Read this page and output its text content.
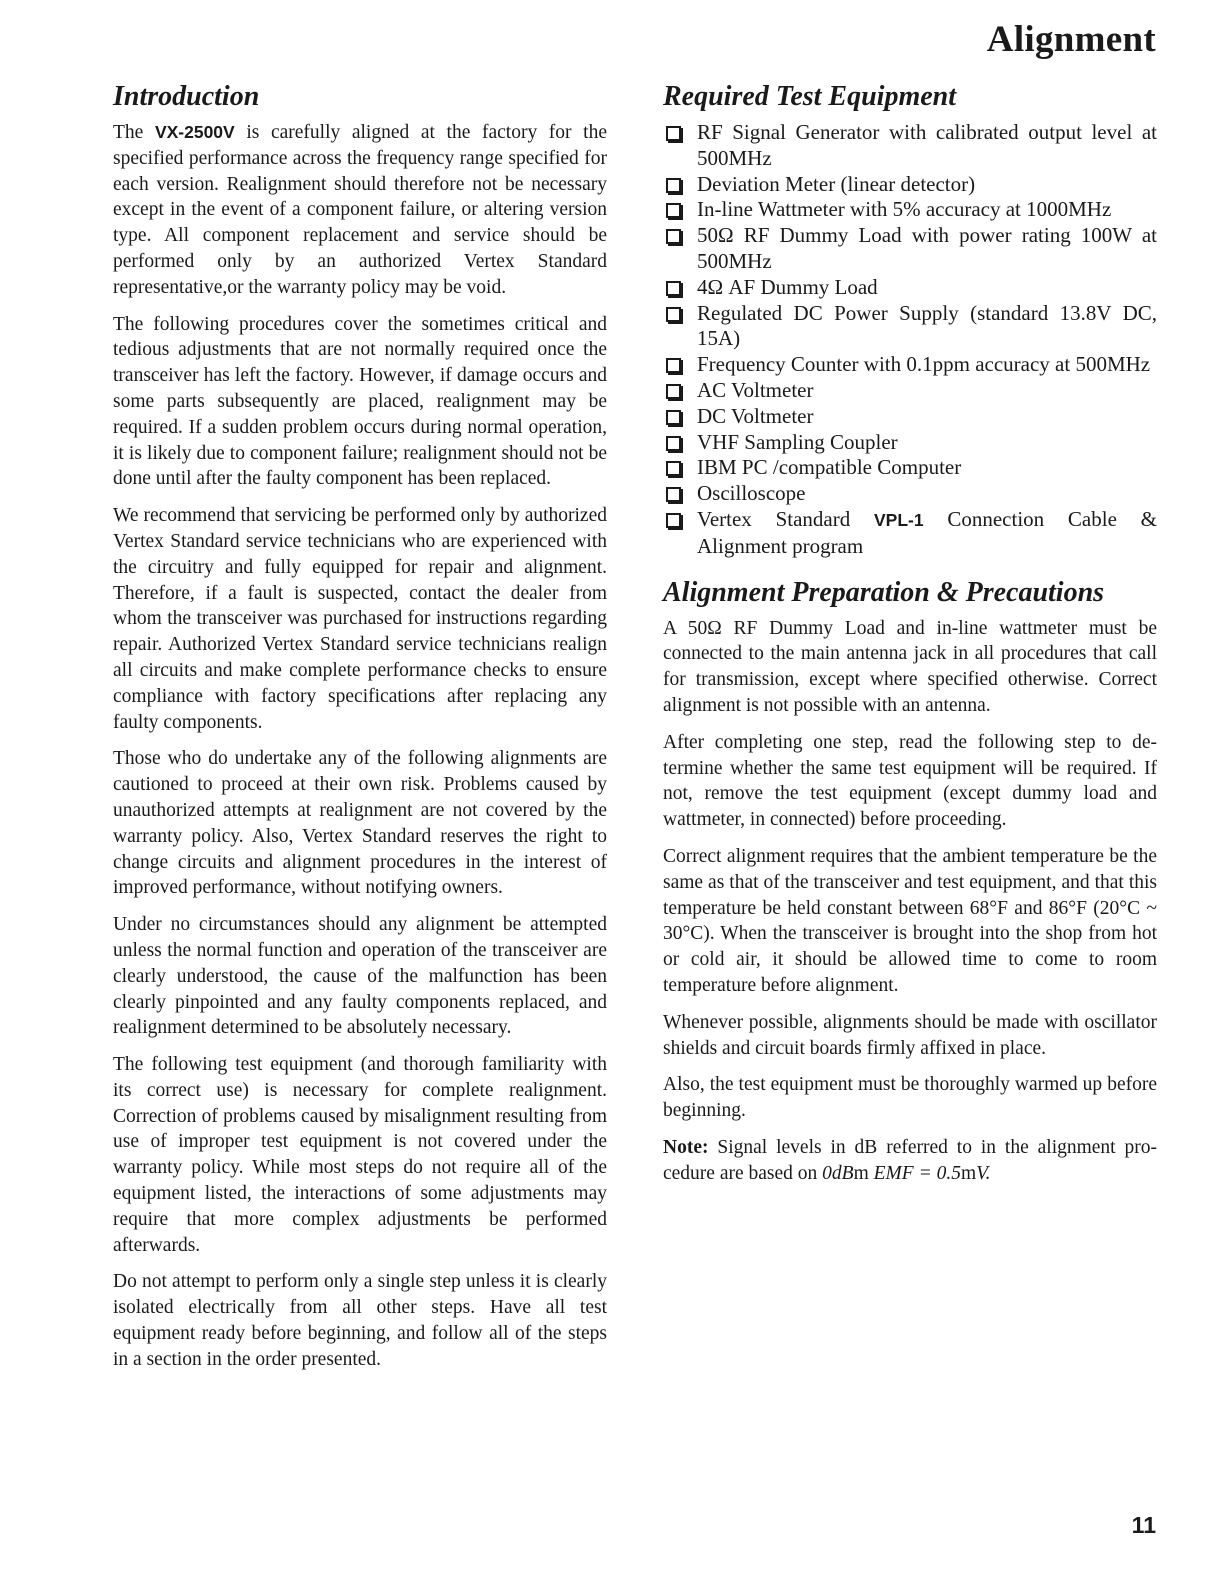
Alignment
Introduction

The VX-2500V is carefully aligned at the factory for the specified performance across the frequency range specified for each version. Realignment should therefore not be necessary except in the event of a component failure, or altering version type. All component replacement and service should be performed only by an authorized Vertex Standard representative,or the warranty policy may be void.

The following procedures cover the sometimes critical and tedious adjustments that are not normally required once the transceiver has left the factory. However, if damage occurs and some parts subsequently are placed, realignment may be required. If a sudden problem occurs during normal operation, it is likely due to component failure; realignment should not be done until after the faulty component has been replaced.

We recommend that servicing be performed only by authorized Vertex Standard service technicians who are experienced with the circuitry and fully equipped for repair and alignment. Therefore, if a fault is suspected, contact the dealer from whom the transceiver was purchased for instructions regarding repair. Authorized Vertex Standard service technicians realign all circuits and make complete performance checks to ensure compliance with factory specifications after replacing any faulty components.

Those who do undertake any of the following alignments are cautioned to proceed at their own risk. Problems caused by unauthorized attempts at realignment are not covered by the warranty policy. Also, Vertex Standard reserves the right to change circuits and alignment procedures in the interest of improved performance, without notifying owners.

Under no circumstances should any alignment be attempted unless the normal function and operation of the transceiver are clearly understood, the cause of the malfunction has been clearly pinpointed and any faulty components replaced, and realignment determined to be absolutely necessary.

The following test equipment (and thorough familiarity with its correct use) is necessary for complete realignment. Correction of problems caused by misalignment resulting from use of improper test equipment is not covered under the warranty policy. While most steps do not require all of the equipment listed, the interactions of some adjustments may require that more complex adjustments be performed afterwards.

Do not attempt to perform only a single step unless it is clearly isolated electrically from all other steps. Have all test equipment ready before beginning, and follow all of the steps in a section in the order presented.

Required Test Equipment
RF Signal Generator with calibrated output level at 500MHz
Deviation Meter (linear detector)
In-line Wattmeter with 5% accuracy at 1000MHz
50Ω RF Dummy Load with power rating 100W at 500MHz
4Ω AF Dummy Load
Regulated DC Power Supply (standard 13.8V DC, 15A)
Frequency Counter with 0.1ppm accuracy at 500MHz
AC Voltmeter
DC Voltmeter
VHF Sampling Coupler
IBM PC /compatible Computer
Oscilloscope
Vertex Standard VPL-1 Connection Cable & Alignment program
Alignment Preparation & Precautions

A 50Ω RF Dummy Load and in-line wattmeter must be connected to the main antenna jack in all procedures that call for transmission, except where specified otherwise. Correct alignment is not possible with an antenna.

After completing one step, read the following step to determine whether the same test equipment will be required. If not, remove the test equipment (except dummy load and wattmeter, in connected) before proceeding.

Correct alignment requires that the ambient temperature be the same as that of the transceiver and test equipment, and that this temperature be held constant between 68°F and 86°F (20°C ~ 30°C). When the transceiver is brought into the shop from hot or cold air, it should be allowed time to come to room temperature before alignment.

Whenever possible, alignments should be made with oscillator shields and circuit boards firmly affixed in place.

Also, the test equipment must be thoroughly warmed up before beginning.

Note: Signal levels in dB referred to in the alignment procedure are based on 0dBm EMF = 0.5mV.

11
